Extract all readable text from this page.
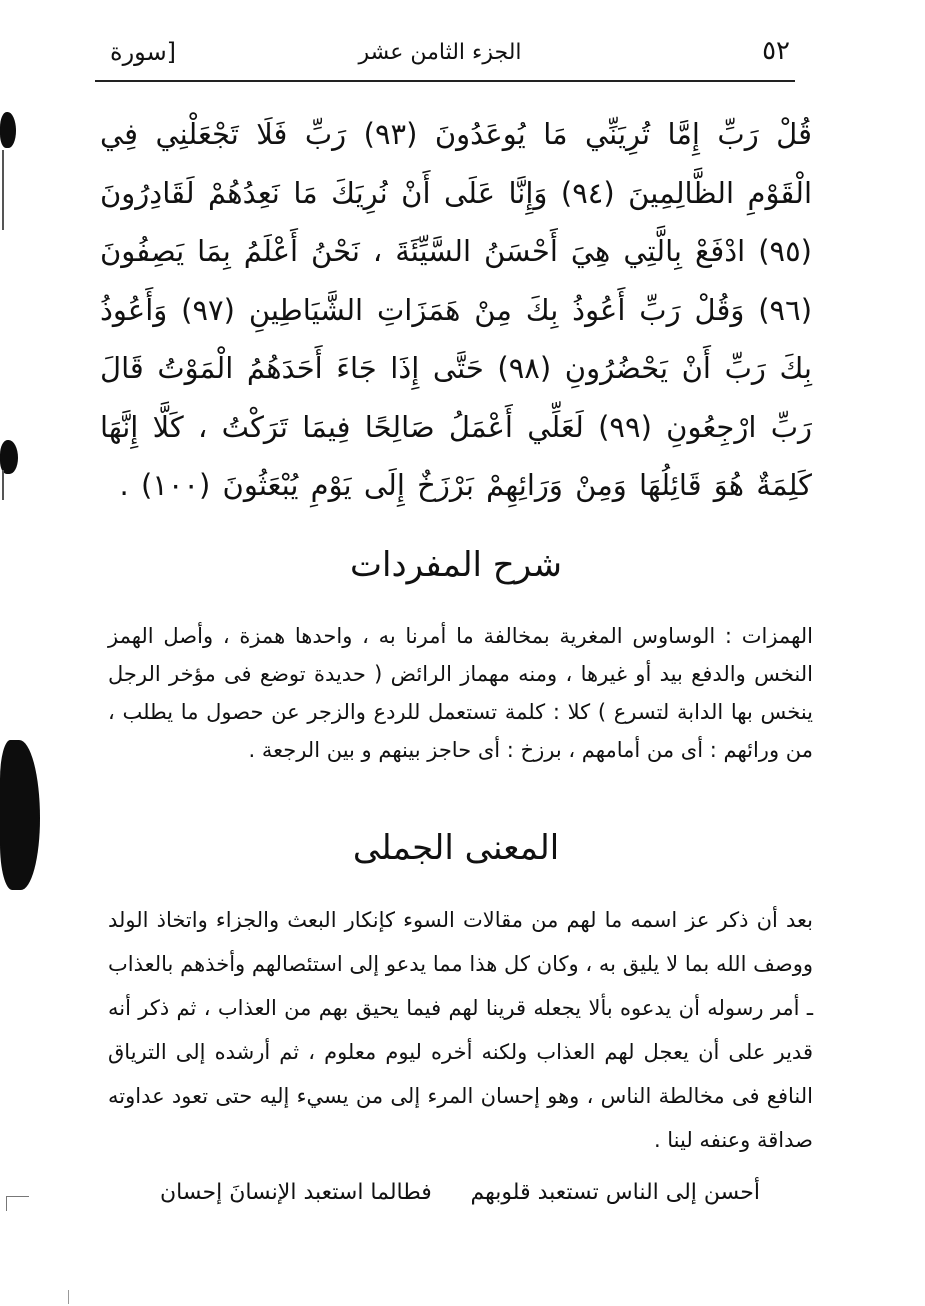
٥٢
الجزء الثامن عشر
[سورة
قُلْ رَبِّ إِمَّا تُرِيَنِّي مَا يُوعَدُونَ (٩٣) رَبِّ فَلَا تَجْعَلْنِي فِي الْقَوْمِ الظَّالِمِينَ (٩٤) وَإِنَّا عَلَى أَنْ نُرِيَكَ مَا نَعِدُهُمْ لَقَادِرُونَ (٩٥) ادْفَعْ بِالَّتِي هِيَ أَحْسَنُ السَّيِّئَةَ ، نَحْنُ أَعْلَمُ بِمَا يَصِفُونَ (٩٦) وَقُلْ رَبِّ أَعُوذُ بِكَ مِنْ هَمَزَاتِ الشَّيَاطِينِ (٩٧) وَأَعُوذُ بِكَ رَبِّ أَنْ يَحْضُرُونِ (٩٨) حَتَّى إِذَا جَاءَ أَحَدَهُمُ الْمَوْتُ قَالَ رَبِّ ارْجِعُونِ (٩٩) لَعَلِّي أَعْمَلُ صَالِحًا فِيمَا تَرَكْتُ ، كَلَّا إِنَّهَا كَلِمَةٌ هُوَ قَائِلُهَا وَمِنْ وَرَائِهِمْ بَرْزَخٌ إِلَى يَوْمِ يُبْعَثُونَ (١٠٠) .
شرح المفردات
الهمزات : الوساوس المغرية بمخالفة ما أمرنا به ، واحدها همزة ، وأصل الهمز النخس والدفع بيد أو غيرها ، ومنه مهماز الرائض ( حديدة توضع فى مؤخر الرجل ينخس بها الدابة لتسرع ) كلا : كلمة تستعمل للردع والزجر عن حصول ما يطلب ، من ورائهم : أى من أمامهم ، برزخ : أى حاجز بينهم و بين الرجعة .
المعنى الجملى
بعد أن ذكر عز اسمه ما لهم من مقالات السوء كإنكار البعث والجزاء واتخاذ الولد ووصف الله بما لا يليق به ، وكان كل هذا مما يدعو إلى استئصالهم وأخذهم بالعذاب ـ أمر رسوله أن يدعوه بألا يجعله قرينا لهم فيما يحيق بهم من العذاب ، ثم ذكر أنه قدير على أن يعجل لهم العذاب ولكنه أخره ليوم معلوم ، ثم أرشده إلى الترياق النافع فى مخالطة الناس ، وهو إحسان المرء إلى من يسيء إليه حتى تعود عداوته صداقة وعنفه لينا .
أحسن إلى الناس تستعبد قلوبهم
فطالما استعبد الإنسانَ إحسان
